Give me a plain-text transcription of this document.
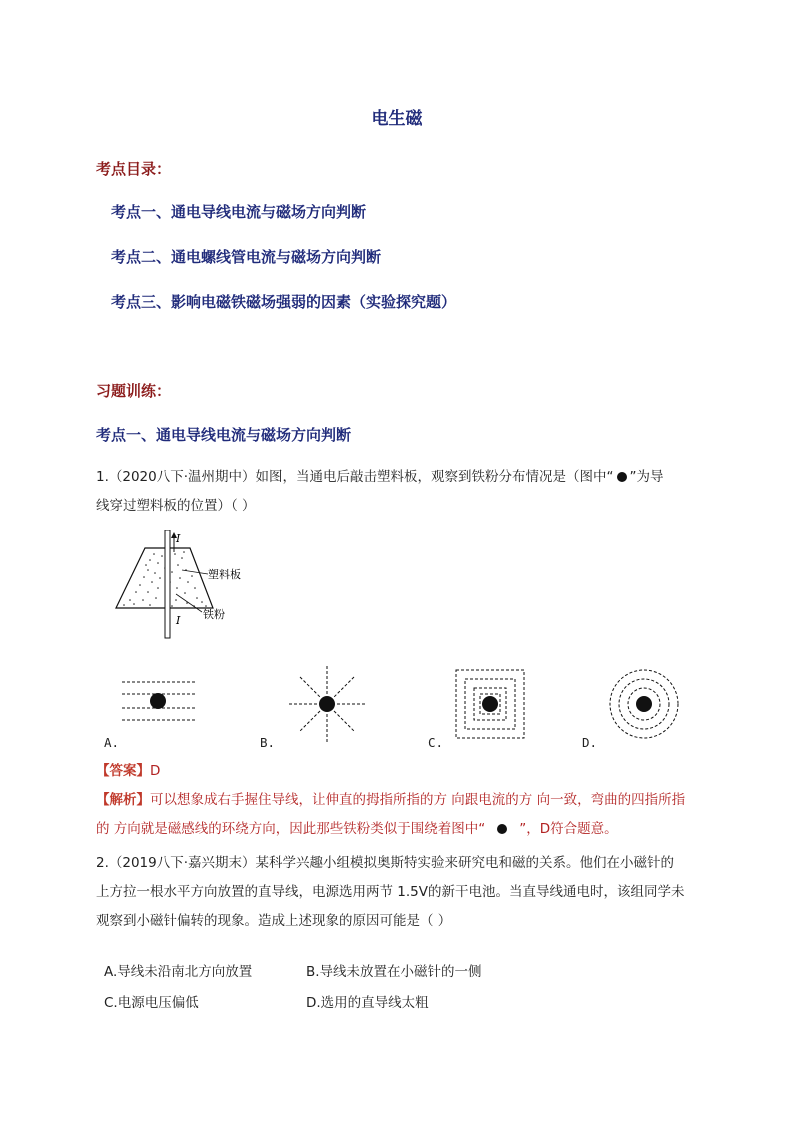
电生磁
考点目录：
考点一、通电导线电流与磁场方向判断
考点二、通电螺线管电流与磁场方向判断
考点三、影响电磁铁磁场强弱的因素（实验探究题）
习题训练：
考点一、通电导线电流与磁场方向判断
1.（2020八下·温州期中）如图，当通电后敲击塑料板，观察到铁粉分布情况是（图中“ ”为导
线穿过塑料板的位置）（ ）
I
I
塑料板
铁粉
A.	B.	C.	D.
【答案】D
【解析】可以想象成右手握住导线，让伸直的拇指所指的方 向跟电流的方 向一致，弯曲的四指所指
的 方向就是磁感线的环绕方向，因此那些铁粉类似于围绕着图中“	”，D符合题意。
2.（2019八下·嘉兴期末）某科学兴趣小组模拟奥斯特实验来研究电和磁的关系。他们在小磁针的
上方拉一根水平方向放置的直导线，电源选用两节 1.5V的新干电池。当直导线通电时，该组同学未
观察到小磁针偏转的现象。造成上述现象的原因可能是（ ）
A.导线未沿南北方向放置	B.导线未放置在小磁针的一侧
C.电源电压偏低	D.选用的直导线太粗
